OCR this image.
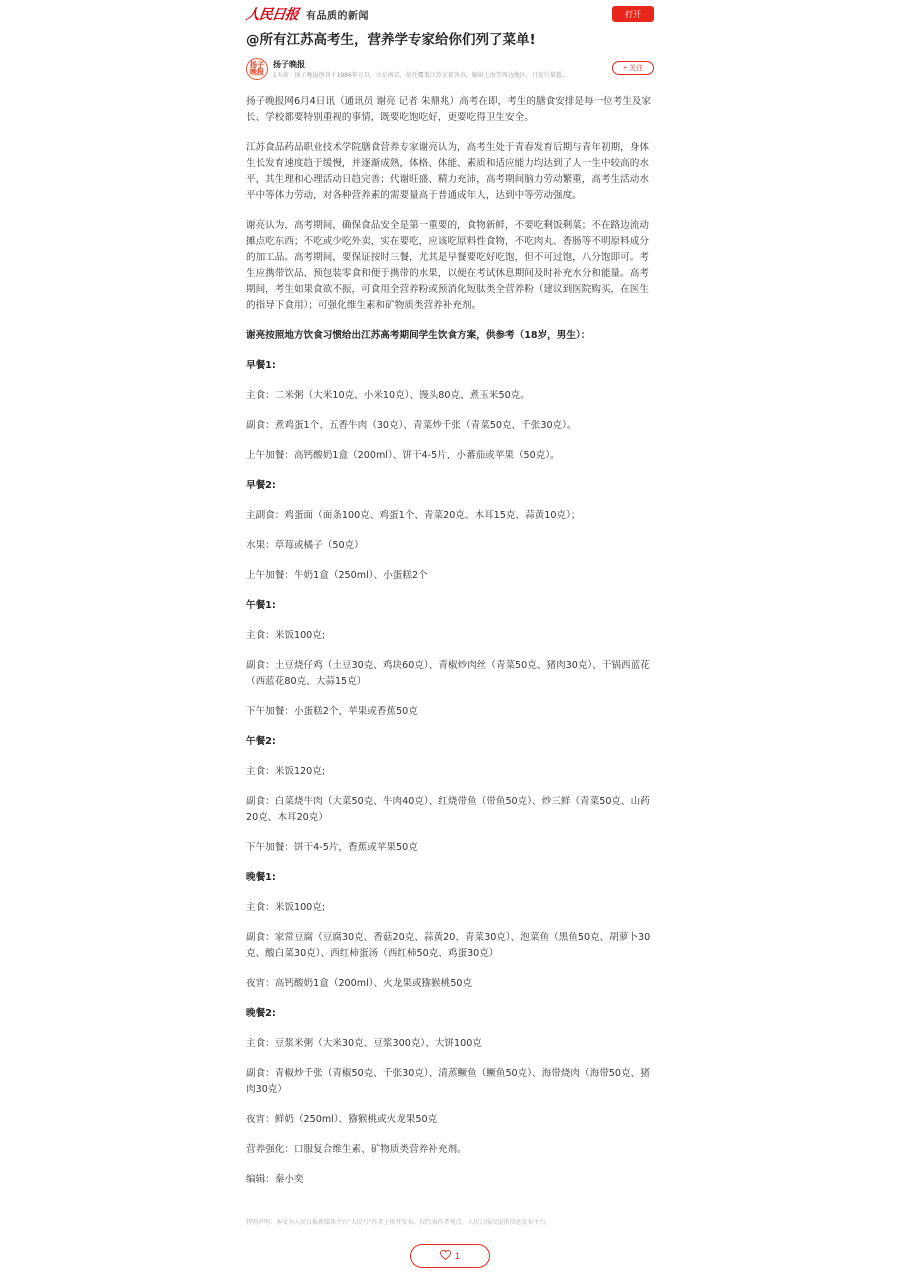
人民日报 有品质的新闻	打开
@所有江苏高考生，营养学专家给你们列了菜单!
扬子晚报
扬子晚报
1天前 · 扬子晚报创刊于1986年元旦，立足南京，依托覆盖江苏全省各市，辐射上海等周边地区，日发行量超...
+ 关注

扬子晚报网6月4日讯（通讯员 谢亮 记者 朱鼎兆）高考在即，考生的膳食安排是每一位考生及家长、学校都要特别重视的事情，既要吃饱吃好，更要吃得卫生安全。

江苏食品药品职业技术学院膳食营养专家谢亮认为，高考生处于青春发育后期与青年初期，身体生长发育速度趋于缓慢，并逐渐成熟，体格、体能、素质和适应能力均达到了人一生中较高的水平，其生理和心理活动日趋完善；代谢旺盛、精力充沛，高考期间脑力劳动繁重，高考生活动水平中等体力劳动，对各种营养素的需要量高于普通成年人，达到中等劳动强度。

谢亮认为，高考期间，确保食品安全是第一重要的，食物新鲜，不要吃剩饭剩菜；不在路边流动摊点吃东西；不吃或少吃外卖，实在要吃，应该吃原料性食物，不吃肉丸、香肠等不明原料成分的加工品。高考期间，要保证按时三餐，尤其是早餐要吃好吃饱，但不可过饱，八分饱即可。考生应携带饮品、预包装零食和便于携带的水果，以便在考试休息期间及时补充水分和能量。高考期间，考生如果食欲不振，可食用全营养粉或预消化短肽类全营养粉（建议到医院购买，在医生的指导下食用）；可强化维生素和矿物质类营养补充剂。

谢亮按照地方饮食习惯给出江苏高考期间学生饮食方案，供参考（18岁，男生）：

早餐1:

主食：二米粥（大米10克、小米10克）、馒头80克、煮玉米50克。

副食：煮鸡蛋1个、五香牛肉（30克）、青菜炒千张（青菜50克、千张30克）。

上午加餐：高钙酸奶1盒（200ml）、饼干4-5片，小蕃茄或苹果（50克）。

早餐2:

主副食：鸡蛋面（面条100克、鸡蛋1个、青菜20克、木耳15克、蒜黄10克）；

水果：草莓或橘子（50克）

上午加餐：牛奶1盒（250ml）、小蛋糕2个

午餐1:

主食：米饭100克;

副食：土豆烧仔鸡（土豆30克、鸡块60克）、青椒炒肉丝（青菜50克、猪肉30克）、干锅西蓝花（西蓝花80克、大蒜15克）

下午加餐：小蛋糕2个，苹果或香蕉50克

午餐2:

主食：米饭120克;

副食：白菜烧牛肉（大菜50克、牛肉40克）、红烧带鱼（带鱼50克）、炒三鲜（青菜50克、山药20克、木耳20克）

下午加餐：饼干4-5片，香蕉或苹果50克

晚餐1:

主食：米饭100克;

副食：家常豆腐（豆腐30克、香菇20克、蒜黄20、青菜30克）、泡菜鱼（黑鱼50克、胡萝卜30克、酸白菜30克）、西红柿蛋汤（西红柿50克、鸡蛋30克）

夜宵：高钙酸奶1盒（200ml）、火龙果或猕猴桃50克

晚餐2:

主食：豆浆米粥（大米30克、豆浆300克）、大饼100克

副食：青椒炒千张（青椒50克、千张30克）、清蒸鳜鱼（鳜鱼50克）、海带烧肉（海带50克、猪肉30克）

夜宵：鲜奶（250ml）、猕猴桃或火龙果50克

营养强化：口服复合维生素、矿物质类营养补充剂。

编辑：秦小奕

特别声明：本文为人民日报新媒体平台"人民号"作者上传并发布，仅代表作者观点。人民日报仅提供信息发布平台。
1
